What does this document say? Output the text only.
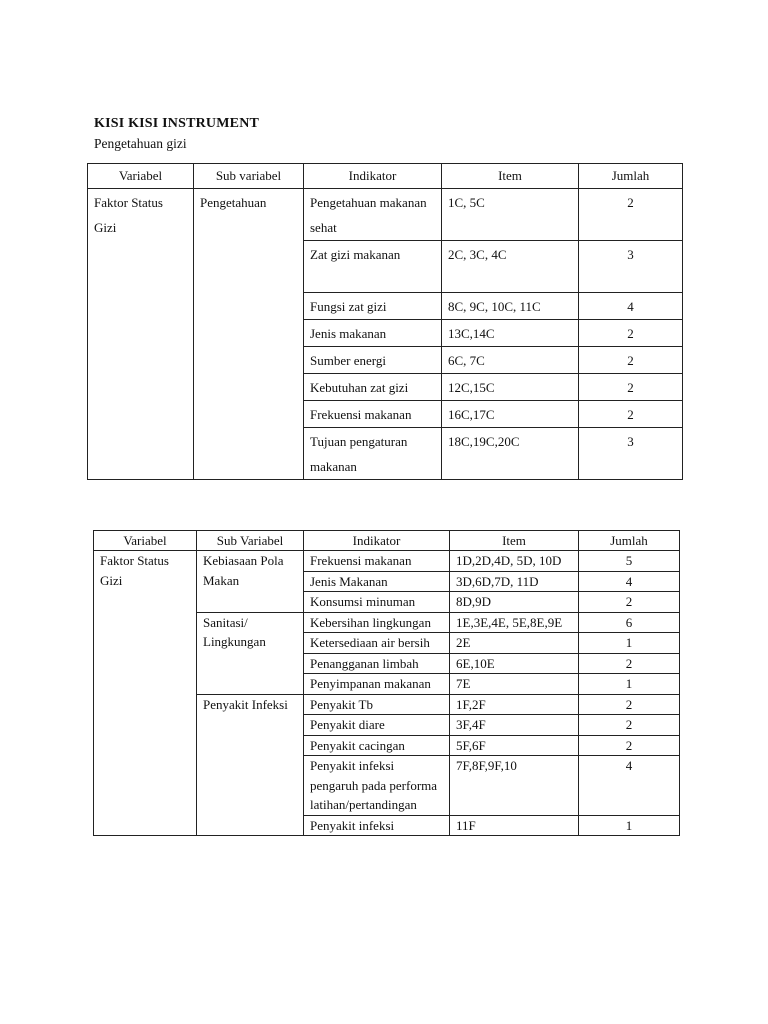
KISI KISI INSTRUMENT
Pengetahuan gizi
Variabel	Sub variabel	Indikator	Item	Jumlah
Faktor Status Gizi	Pengetahuan	Pengetahuan makanan sehat	1C, 5C	2
		Zat gizi makanan	2C, 3C, 4C	3
		Fungsi zat gizi	8C, 9C, 10C, 11C	4
		Jenis makanan	13C,14C	2
		Sumber energi	6C, 7C	2
		Kebutuhan zat gizi	12C,15C	2
		Frekuensi makanan	16C,17C	2
		Tujuan pengaturan makanan	18C,19C,20C	3
Variabel	Sub Variabel	Indikator	Item	Jumlah
Faktor Status Gizi	Kebiasaan Pola Makan	Frekuensi makanan	1D,2D,4D, 5D, 10D	5
		Jenis Makanan	3D,6D,7D, 11D	4
		Konsumsi minuman	8D,9D	2
	Sanitasi/ Lingkungan	Kebersihan lingkungan	1E,3E,4E, 5E,8E,9E	6
		Ketersediaan air bersih	2E	1
		Penangganan limbah	6E,10E	2
		Penyimpanan makanan	7E	1
	Penyakit Infeksi	Penyakit Tb	1F,2F	2
		Penyakit diare	3F,4F	2
		Penyakit cacingan	5F,6F	2
		Penyakit infeksi pengaruh pada performa latihan/pertandingan	7F,8F,9F,10	4
		Penyakit infeksi	11F	1
